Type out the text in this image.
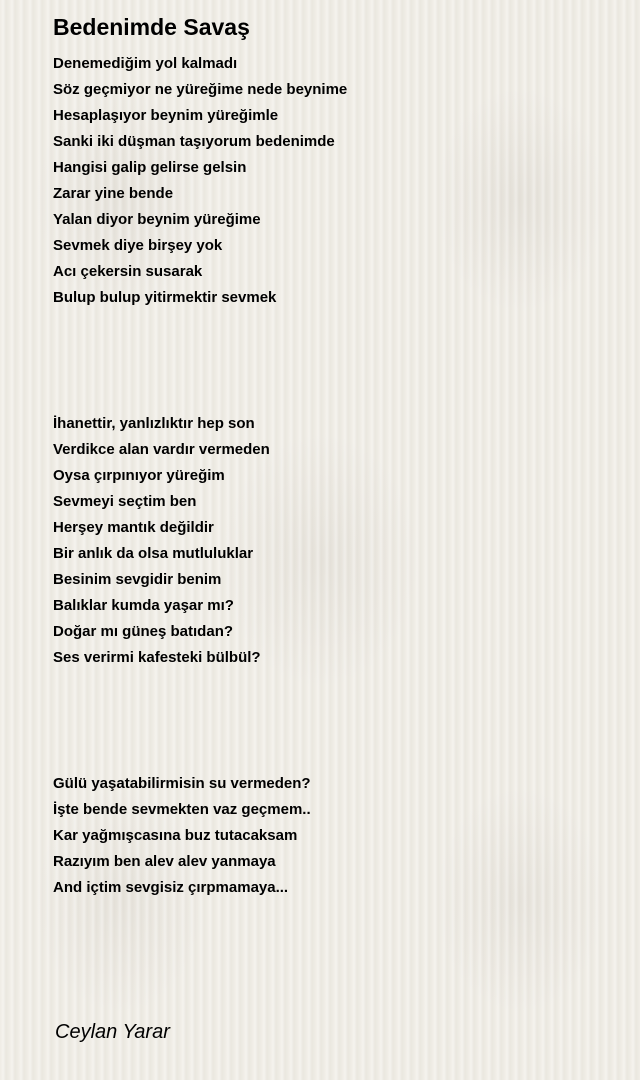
Bedenimde Savaş
Denemediğim yol kalmadı
Söz geçmiyor ne yüreğime nede beynime
Hesaplaşıyor beynim yüreğimle
Sanki iki düşman taşıyorum bedenimde
Hangisi galip gelirse gelsin
Zarar yine bende
Yalan diyor beynim yüreğime
Sevmek diye birşey yok
Acı çekersin susarak
Bulup bulup yitirmektir sevmek
İhanettir, yanlızlıktır hep son
Verdikce alan vardır vermeden
Oysa çırpınıyor yüreğim
Sevmeyi seçtim ben
Herşey mantık değildir
Bir anlık da olsa mutluluklar
Besinim sevgidir benim
Balıklar kumda yaşar mı?
Doğar mı güneş batıdan?
Ses verirmi kafesteki bülbül?
Gülü yaşatabilirmisin su vermeden?
İşte bende sevmekten vaz geçmem..
Kar yağmışcasına buz tutacaksam
Razıyım ben alev alev yanmaya
And içtim sevgisiz çırpmamaya...

Ceylan Yarar
